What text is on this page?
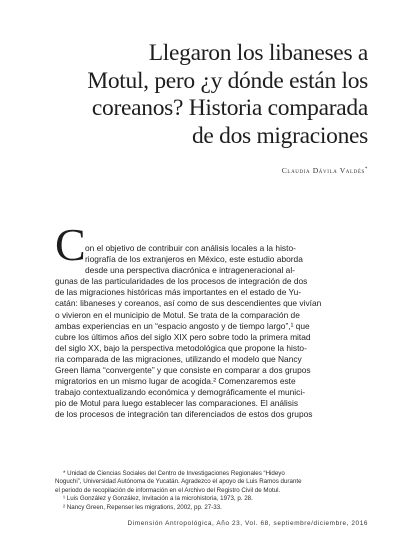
Llegaron los libaneses a
Motul, pero ¿y dónde están los
coreanos? Historia comparada
de dos migraciones
Claudia Dávila Valdés*
C on el objetivo de contribuir con análisis locales a la histo-
riografía de los extranjeros en México, este estudio aborda
desde una perspectiva diacrónica e intrageneracional al-
gunas de las particularidades de los procesos de integración de dos
de las migraciones históricas más importantes en el estado de Yu-
catán: libaneses y coreanos, así como de sus descendientes que vivían
o vivieron en el municipio de Motul. Se trata de la comparación de
ambas experiencias en un “espacio angosto y de tiempo largo”,¹ que
cubre los últimos años del siglo XIX pero sobre todo la primera mitad
del siglo XX, bajo la perspectiva metodológica que propone la histo-
ria comparada de las migraciones, utilizando el modelo que Nancy
Green llama “convergente” y que consiste en comparar a dos grupos
migratorios en un mismo lugar de acogida.² Comenzaremos este
trabajo contextualizando económica y demográficamente el munici-
pio de Motul para luego establecer las comparaciones. El análisis
de los procesos de integración tan diferenciados de estos dos grupos
* Unidad de Ciencias Sociales del Centro de Investigaciones Regionales “Hideyo
Noguchi”, Universidad Autónoma de Yucatán. Agradezco el apoyo de Luis Ramos durante
el periodo de recopilación de información en el Archivo del Registro Civil de Motul.
¹ Luis González y González, Invitación a la microhistoria, 1973, p. 28.
² Nancy Green, Repenser les migrations, 2002, pp. 27-33.
Dimensión Antropológica, Año 23, Vol. 68, septiembre/diciembre, 2016
